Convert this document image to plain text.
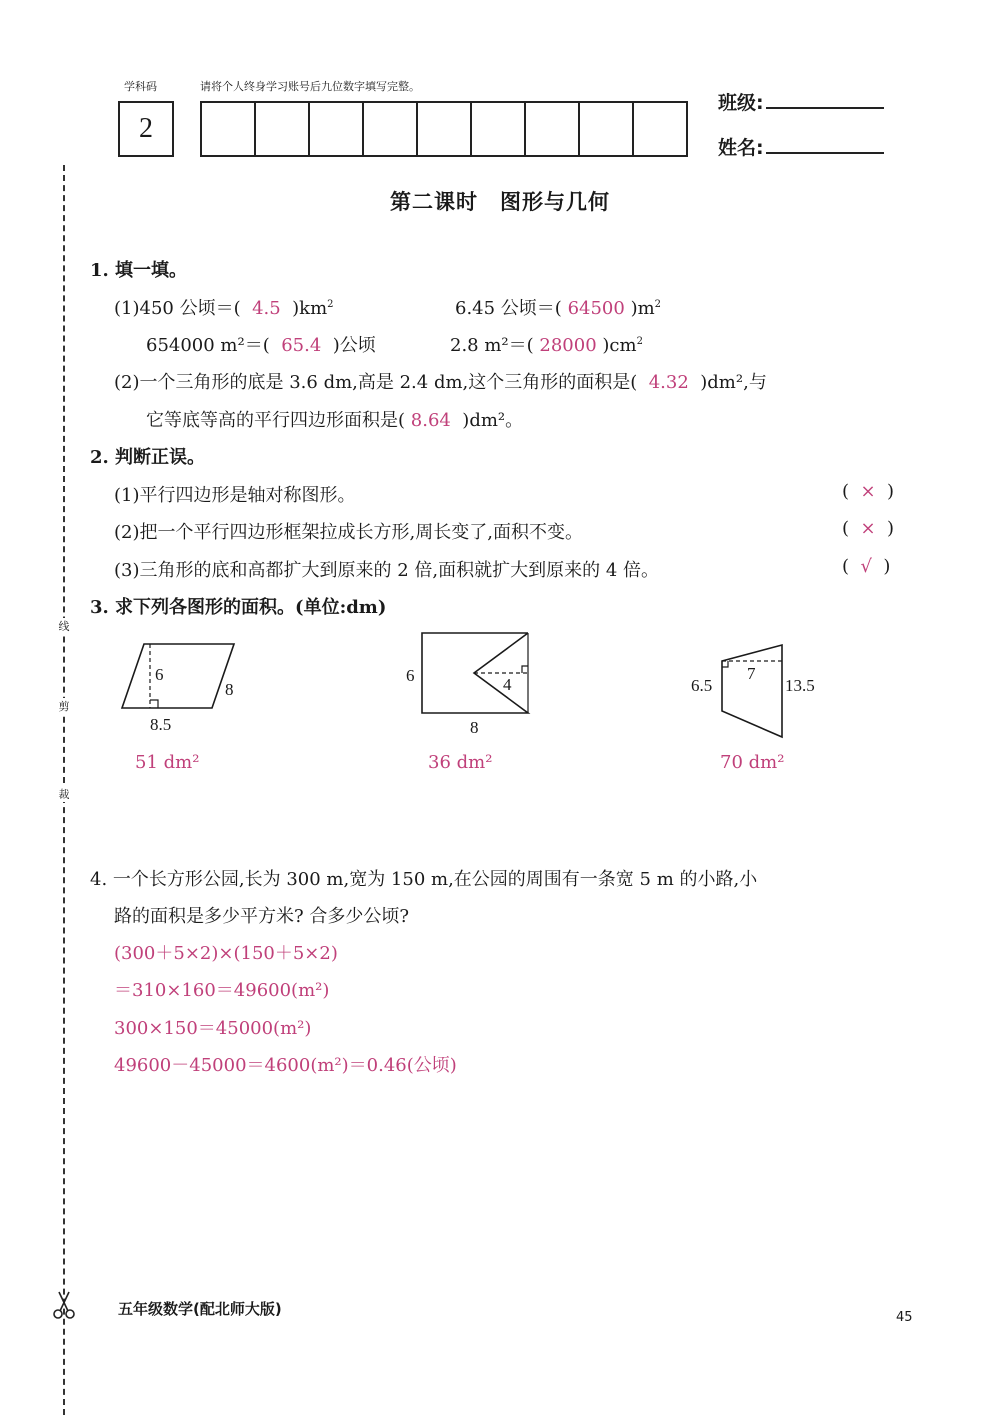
线
剪
裁
学科码	请将个人终身学习账号后九位数字填写完整。
2
班级:
姓名:
第二课时　图形与几何
1. 填一填。
(1)450 公顷＝( 4.5 )$km^2$	6.45 公顷＝( 64500 )$m^2$
654000 m²＝( 65.4 )公顷	2.8 m²＝( 28000 )$cm^2$
(2)一个三角形的底是 3.6 dm,高是 2.4 dm,这个三角形的面积是( 4.32 )dm²,与
它等底等高的平行四边形面积是( 8.64 )dm²。
2. 判断正误。
(1)平行四边形是轴对称图形。	(  ×  )
(2)把一个平行四边形框架拉成长方形,周长变了,面积不变。	(  ×  )
(3)三角形的底和高都扩大到原来的 2 倍,面积就扩大到原来的 4 倍。	(  √  )
3. 求下列各图形的面积。(单位:dm)
6
8
8.5
51 dm²
6	4
8
36 dm²
6.5
7
13.5
70 dm²
4. 一个长方形公园,长为 300 m,宽为 150 m,在公园的周围有一条宽 5 m 的小路,小
路的面积是多少平方米? 合多少公顷?
(300＋5×2)×(150＋5×2)
＝310×160＝49600(m²)
300×150＝45000(m²)
49600－45000＝4600(m²)＝0.46(公顷)
五年级数学(配北师大版)	45
